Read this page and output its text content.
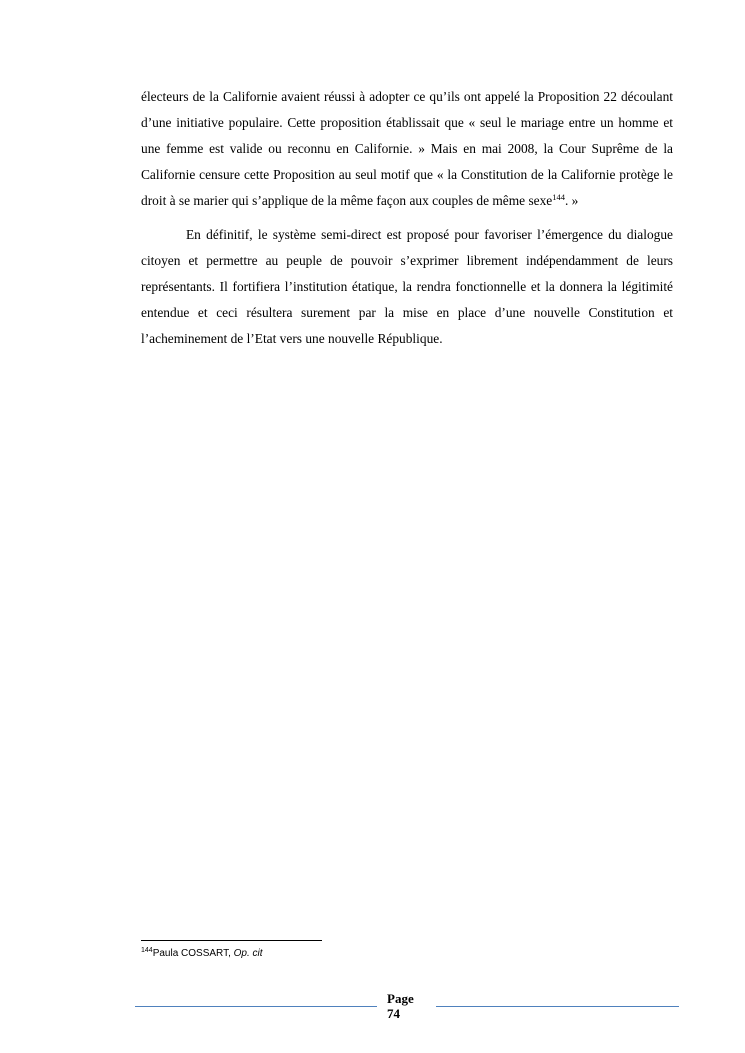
électeurs de la Californie avaient réussi à adopter ce qu’ils ont appelé la Proposition 22 découlant d’une initiative populaire. Cette proposition établissait que « seul le mariage entre un homme et une femme est valide ou reconnu en Californie. » Mais en mai 2008, la Cour Suprême de la Californie censure cette Proposition au seul motif que « la Constitution de la Californie protège le droit à se marier qui s’applique de la même façon aux couples de même sexe$^{144}$. »

En définitif, le système semi-direct est proposé pour favoriser l’émergence du dialogue citoyen et permettre au peuple de pouvoir s’exprimer librement indépendamment de leurs représentants. Il fortifiera l’institution étatique, la rendra fonctionnelle et la donnera la légitimité entendue et ceci résultera surement par la mise en place d’une nouvelle Constitution et l’acheminement de l’Etat vers une nouvelle République.

$^{144}$Paula COSSART, Op. cit
Page
74
